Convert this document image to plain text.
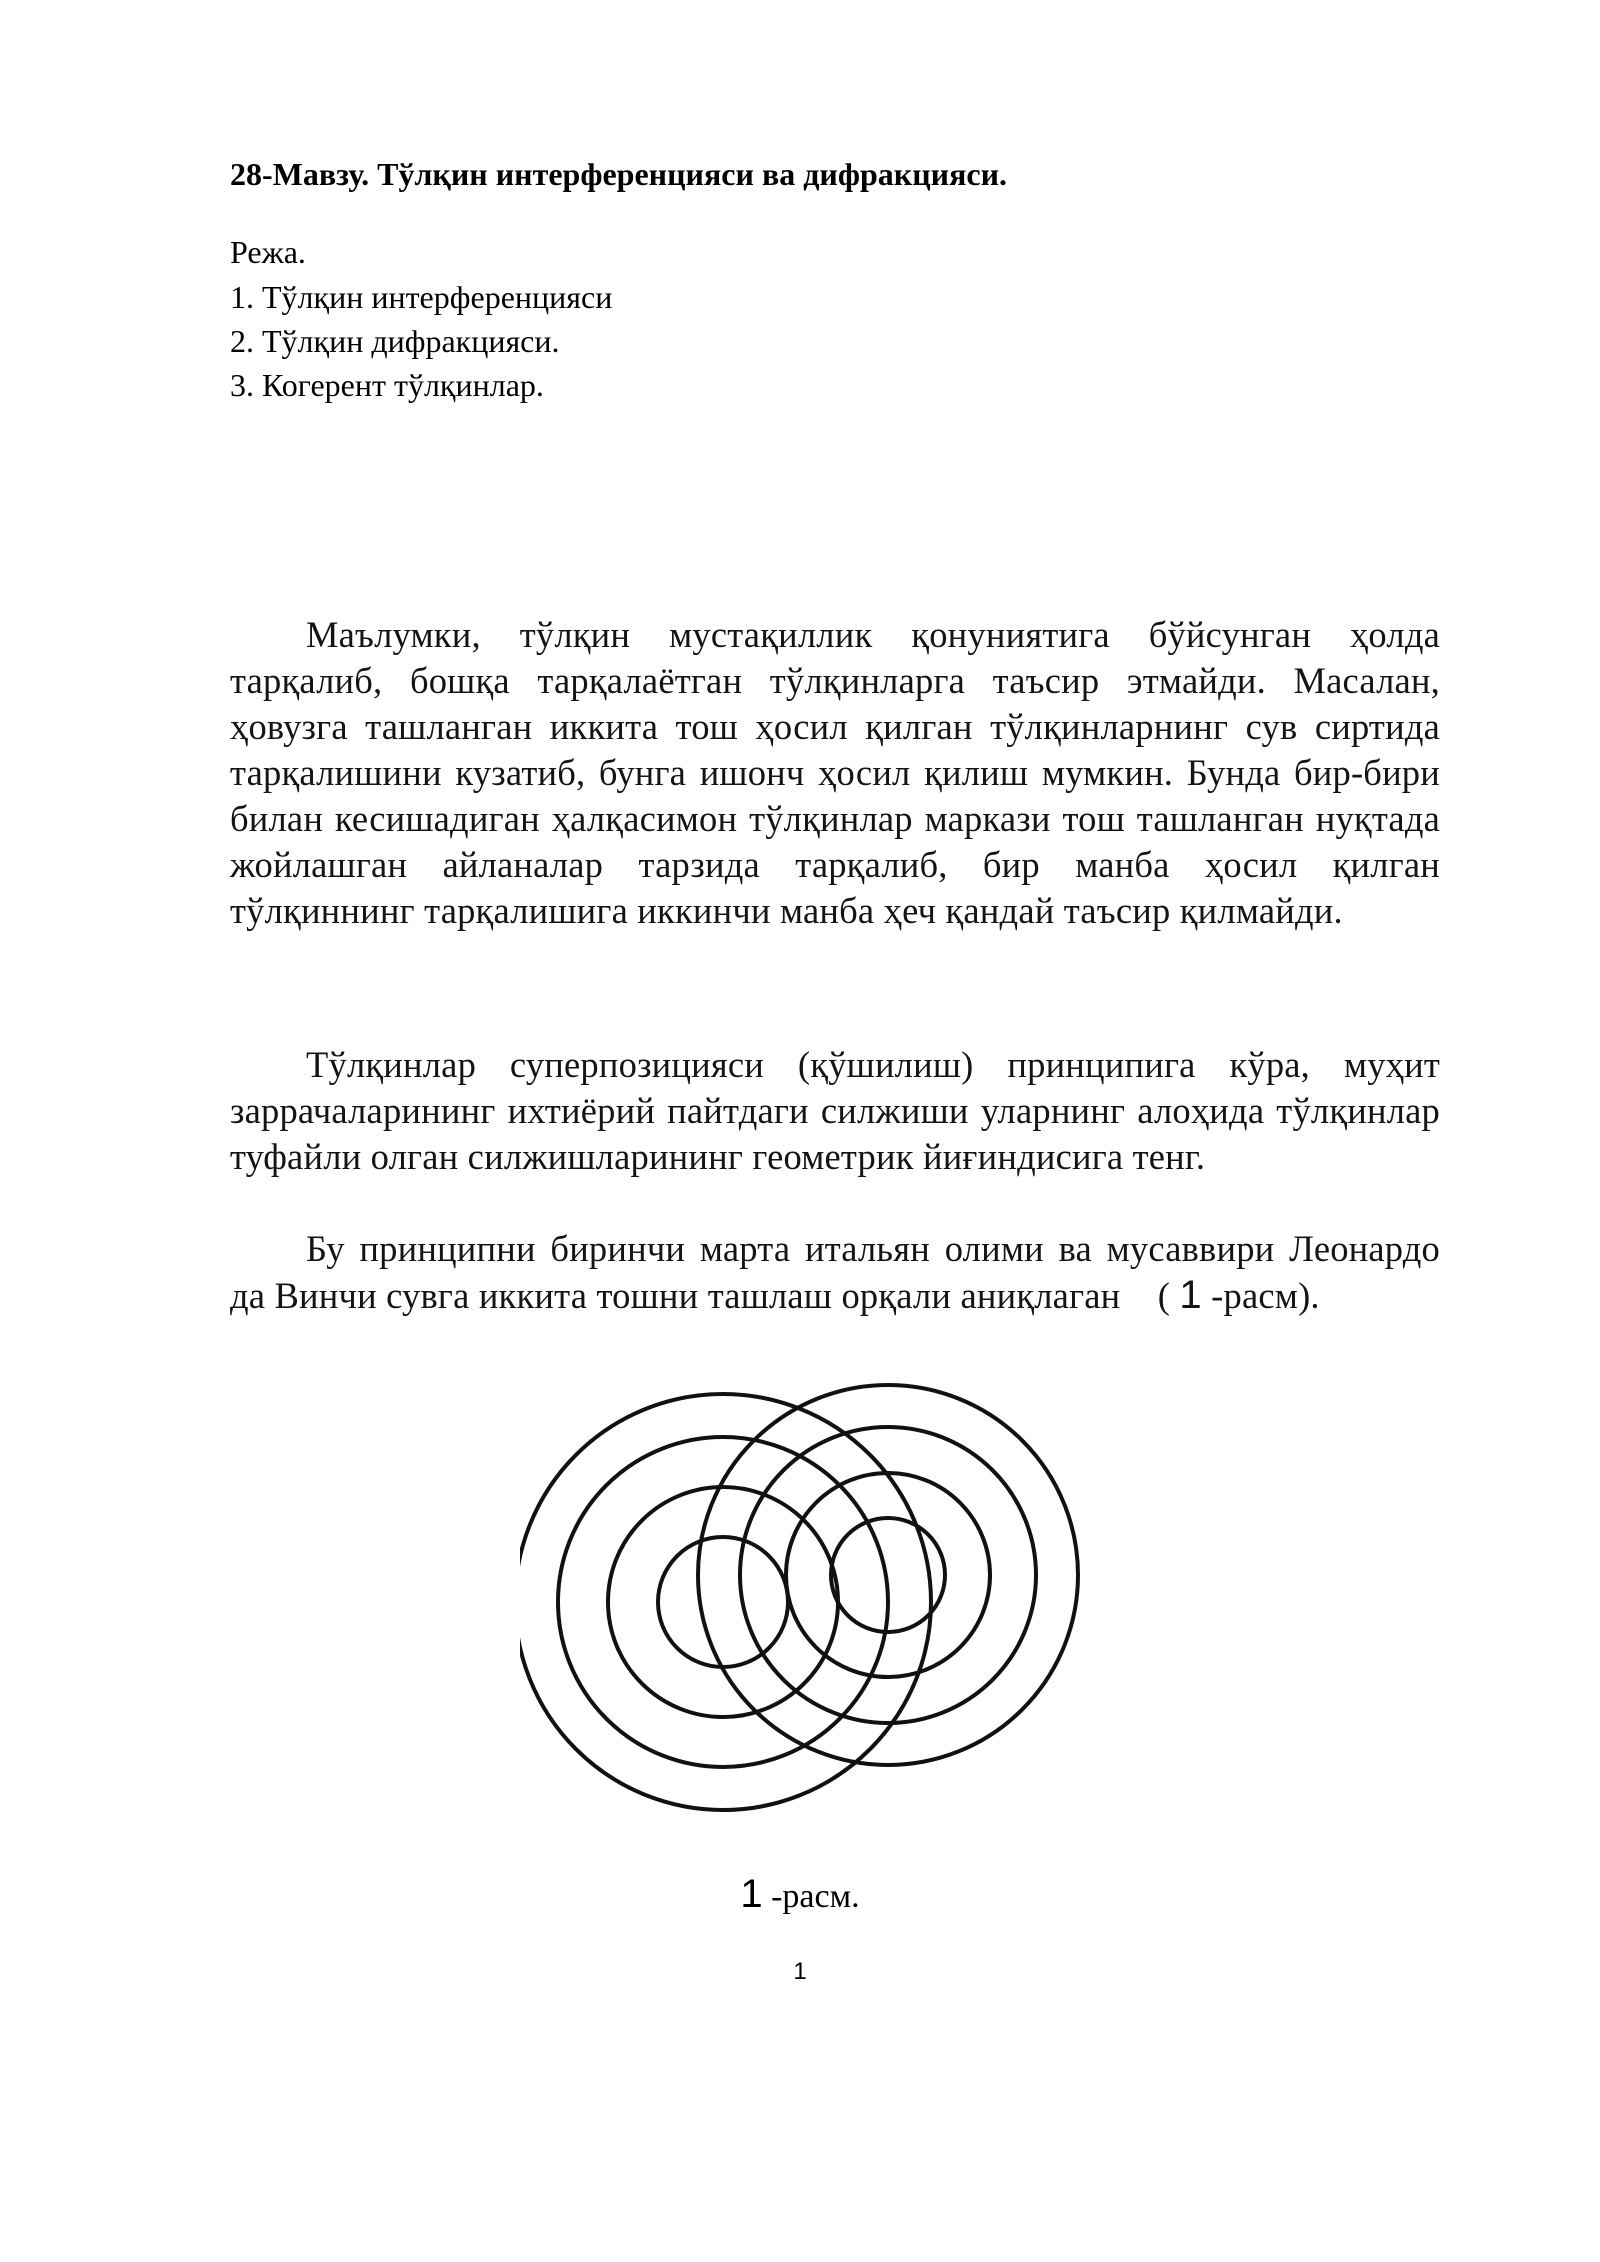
28-Мавзу. Тўлқин интерференцияси ва дифракцияси.
Режа.
1. Тўлқин интерференцияси
2. Тўлқин дифракцияси.
3. Когерент тўлқинлар.
Маълумки, тўлқин мустақиллик қонуниятига бўйсунган ҳолда тарқалиб, бошқа тарқалаётган тўлқинларга таъсир этмайди. Масалан, ҳовузга ташланган иккита тош ҳосил қилган тўлқинларнинг сув сиртида тарқалишини кузатиб, бунга ишонч ҳосил қилиш мумкин. Бунда бир-бири билан кесишадиган ҳалқасимон тўлқинлар маркази тош ташланган нуқтада жойлашган айланалар тарзида тарқалиб, бир манба ҳосил қилган тўлқиннинг тарқалишига иккинчи манба ҳеч қандай таъсир қилмайди.
Тўлқинлар суперпозицияси (қўшилиш) принципига кўра, муҳит заррачаларининг ихтиёрий пайтдаги силжиши уларнинг алоҳида тўлқинлар туфайли олган силжишларининг геометрик йиғиндисига тенг.
Бу принципни биринчи марта итальян олими ва мусаввири Леонардо да Винчи сувга иккита тошни ташлаш орқали аниқлаган ( 1 -расм).
1 -расм.
1
